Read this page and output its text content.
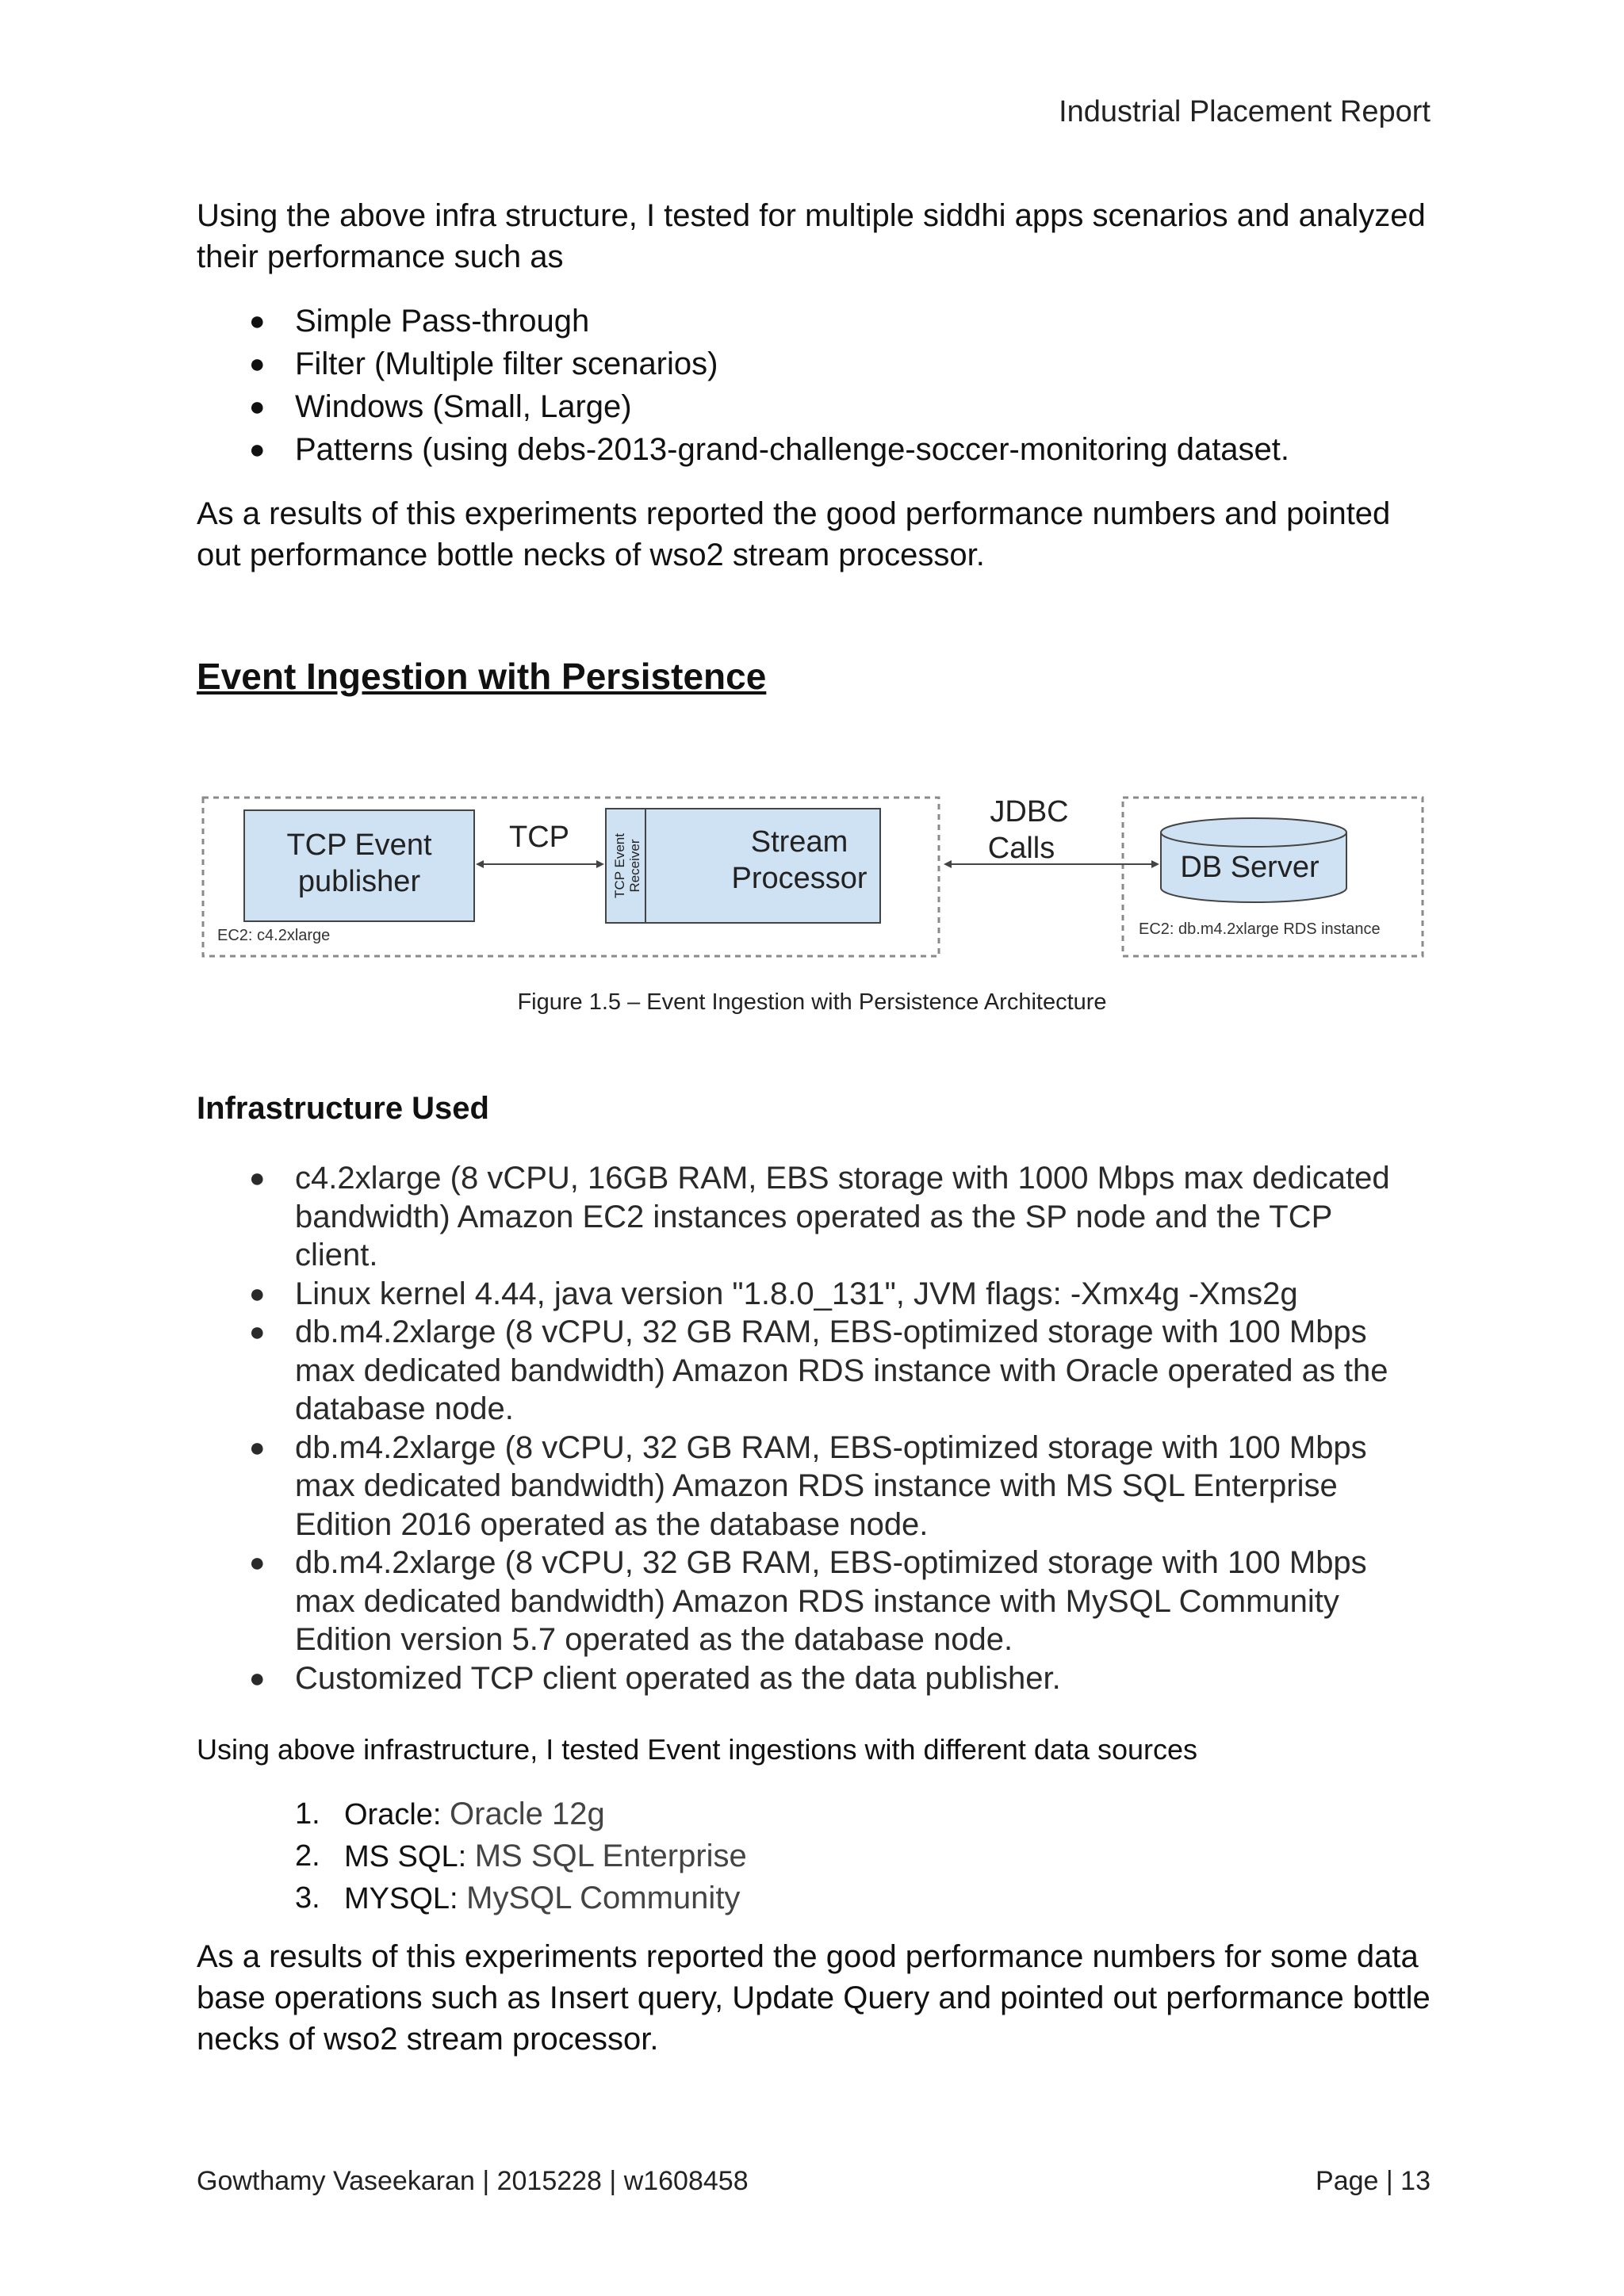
Industrial Placement Report

Using the above infra structure, I tested for multiple siddhi apps scenarios and analyzed their performance such as

● Simple Pass-through
● Filter (Multiple filter scenarios)
● Windows (Small, Large)
● Patterns (using debs-2013-grand-challenge-soccer-monitoring dataset.

As a results of this experiments reported the good performance numbers and pointed out performance bottle necks of wso2 stream processor.

Event Ingestion with Persistence
TCP Event
publisher
EC2: c4.2xlarge
TCP	TCP Event Receiver	Stream
Processor
JDBC
Calls
DB Server
EC2: db.m4.2xlarge RDS instance
Figure 1.5 – Event Ingestion with Persistence Architecture
Infrastructure Used
● c4.2xlarge (8 vCPU, 16GB RAM, EBS storage with 1000 Mbps max dedicated
bandwidth) Amazon EC2 instances operated as the SP node and the TCP
client.
● Linux kernel 4.44, java version "1.8.0_131", JVM flags: -Xmx4g -Xms2g
● db.m4.2xlarge (8 vCPU, 32 GB RAM, EBS-optimized storage with 100 Mbps
max dedicated bandwidth) Amazon RDS instance with Oracle operated as the
database node.
● db.m4.2xlarge (8 vCPU, 32 GB RAM, EBS-optimized storage with 100 Mbps
max dedicated bandwidth) Amazon RDS instance with MS SQL Enterprise
Edition 2016 operated as the database node.
● db.m4.2xlarge (8 vCPU, 32 GB RAM, EBS-optimized storage with 100 Mbps
max dedicated bandwidth) Amazon RDS instance with MySQL Community
Edition version 5.7 operated as the database node.
● Customized TCP client operated as the data publisher.

Using above infrastructure, I tested Event ingestions with different data sources

1. Oracle: Oracle 12g
2. MS SQL: MS SQL Enterprise
3. MYSQL: MySQL Community

As a results of this experiments reported the good performance numbers for some data base operations such as Insert query, Update Query and pointed out performance bottle necks of wso2 stream processor.

Gowthamy Vaseekaran | 2015228 | w1608458	Page | 13
